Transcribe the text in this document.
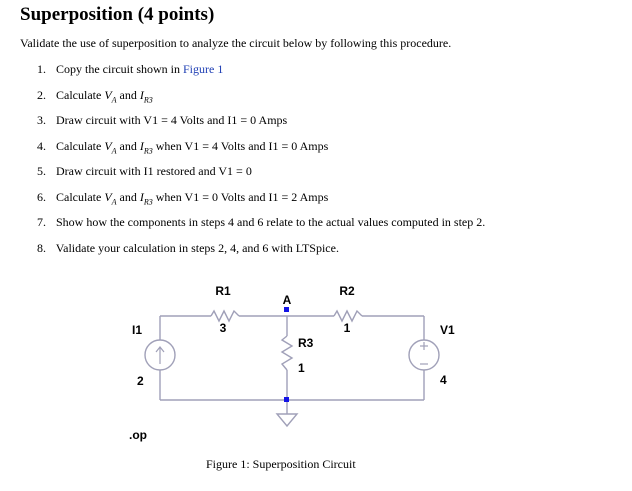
Superposition (4 points)
Validate the use of superposition to analyze the circuit below by following this procedure.
1. Copy the circuit shown in Figure 1
2. Calculate $V_A$ and $I_{R3}$
3. Draw circuit with V1 = 4 Volts and I1 = 0 Amps
4. Calculate $V_A$ and $I_{R3}$ when V1 = 4 Volts and I1 = 0 Amps
5. Draw circuit with I1 restored and V1 = 0
6. Calculate $V_A$ and $I_{R3}$ when V1 = 0 Volts and I1 = 2 Amps
7. Show how the components in steps 4 and 6 relate to the actual values computed in step 2.
8. Validate your calculation in steps 2, 4, and 6 with LTSpice.
R1
3
R2
1
A
R3
1
I1
2
V1
4
.op
Figure 1: Superposition Circuit
